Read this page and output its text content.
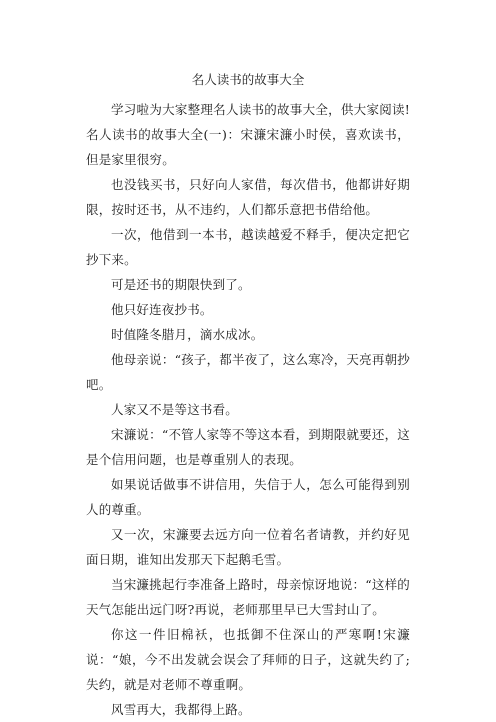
名人读书的故事大全

学习啦为大家整理名人读书的故事大全，供大家阅读!名人读书的故事大全(一)：宋濂宋濂小时侯，喜欢读书，但是家里很穷。

也没钱买书，只好向人家借，每次借书，他都讲好期限，按时还书，从不违约，人们都乐意把书借给他。

一次，他借到一本书，越读越爱不释手，便决定把它抄下来。

可是还书的期限快到了。

他只好连夜抄书。

时值隆冬腊月，滴水成冰。

他母亲说：“孩子，都半夜了，这么寒冷，天亮再朝抄吧。

人家又不是等这书看。

宋濂说：“不管人家等不等这本看，到期限就要还，这是个信用问题，也是尊重别人的表现。

如果说话做事不讲信用，失信于人，怎么可能得到别人的尊重。

又一次，宋濂要去远方向一位着名者请教，并约好见面日期，谁知出发那天下起鹅毛雪。

当宋濂挑起行李准备上路时，母亲惊讶地说：“这样的天气怎能出远门呀?再说，老师那里早已大雪封山了。

你这一件旧棉袄，也抵御不住深山的严寒啊!宋濂说：“娘，今不出发就会误会了拜师的日子，这就失约了;失约，就是对老师不尊重啊。

风雪再大，我都得上路。
